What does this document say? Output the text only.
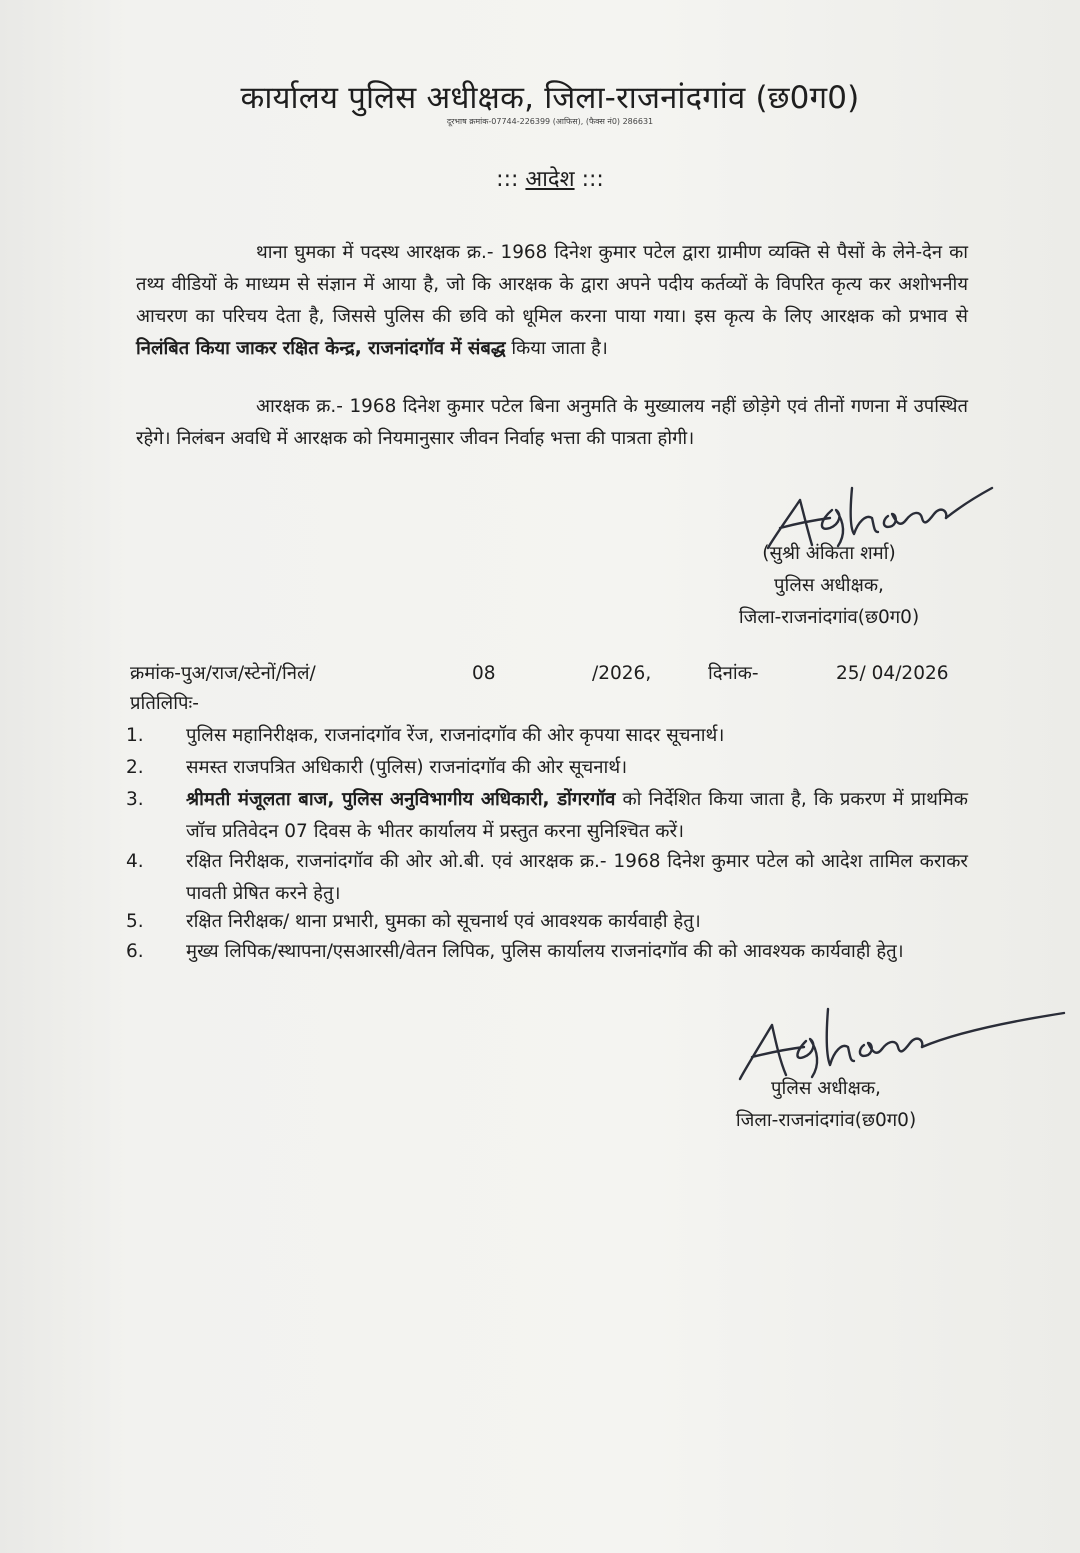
कार्यालय पुलिस अधीक्षक, जिला-राजनांदगांव (छ0ग0)
दूरभाष क्रमांक-07744-226399 (आफिस), (फैक्स नं0) 286631
::: आदेश :::

थाना घुमका में पदस्थ आरक्षक क्र.- 1968 दिनेश कुमार पटेल द्वारा ग्रामीण व्यक्ति से पैसों के लेने-देन का तथ्य वीडियों के माध्यम से संज्ञान में आया है, जो कि आरक्षक के द्वारा अपने पदीय कर्तव्यों के विपरित कृत्य कर अशोभनीय आचरण का परिचय देता है, जिससे पुलिस की छवि को धूमिल करना पाया गया। इस कृत्य के लिए आरक्षक को प्रभाव से निलंबित किया जाकर रक्षित केन्द्र, राजनांदगॉव में संबद्ध किया जाता है।

आरक्षक क्र.- 1968 दिनेश कुमार पटेल बिना अनुमति के मुख्यालय नहीं छोड़ेगे एवं तीनों गणना में उपस्थित रहेगे। निलंबन अवधि में आरक्षक को नियमानुसार जीवन निर्वाह भत्ता की पात्रता होगी।

(सुश्री अंकिता शर्मा)
पुलिस अधीक्षक,
जिला-राजनांदगांव(छ0ग0)
क्रमांक-पुअ/राज/स्टेनों/निलं/	08	/2026,	दिनांक-	25/ 04/2026
प्रतिलिपिः-
1. पुलिस महानिरीक्षक, राजनांदगॉव रेंज, राजनांदगॉव की ओर कृपया सादर सूचनार्थ।

2. समस्त राजपत्रित अधिकारी (पुलिस) राजनांदगॉव की ओर सूचनार्थ।

3. श्रीमती मंजूलता बाज, पुलिस अनुविभागीय अधिकारी, डोंगरगॉव को निर्देशित किया जाता है, कि प्रकरण में प्राथमिक जॉच प्रतिवेदन 07 दिवस के भीतर कार्यालय में प्रस्तुत करना सुनिश्चित करें।

4. रक्षित निरीक्षक, राजनांदगॉव की ओर ओ.बी. एवं आरक्षक क्र.- 1968 दिनेश कुमार पटेल को आदेश तामिल कराकर पावती प्रेषित करने हेतु।

5. रक्षित निरीक्षक/ थाना प्रभारी, घुमका को सूचनार्थ एवं आवश्यक कार्यवाही हेतु।

6. मुख्य लिपिक/स्थापना/एसआरसी/वेतन लिपिक, पुलिस कार्यालय राजनांदगॉव की को आवश्यक कार्यवाही हेतु।

पुलिस अधीक्षक,
जिला-राजनांदगांव(छ0ग0)
